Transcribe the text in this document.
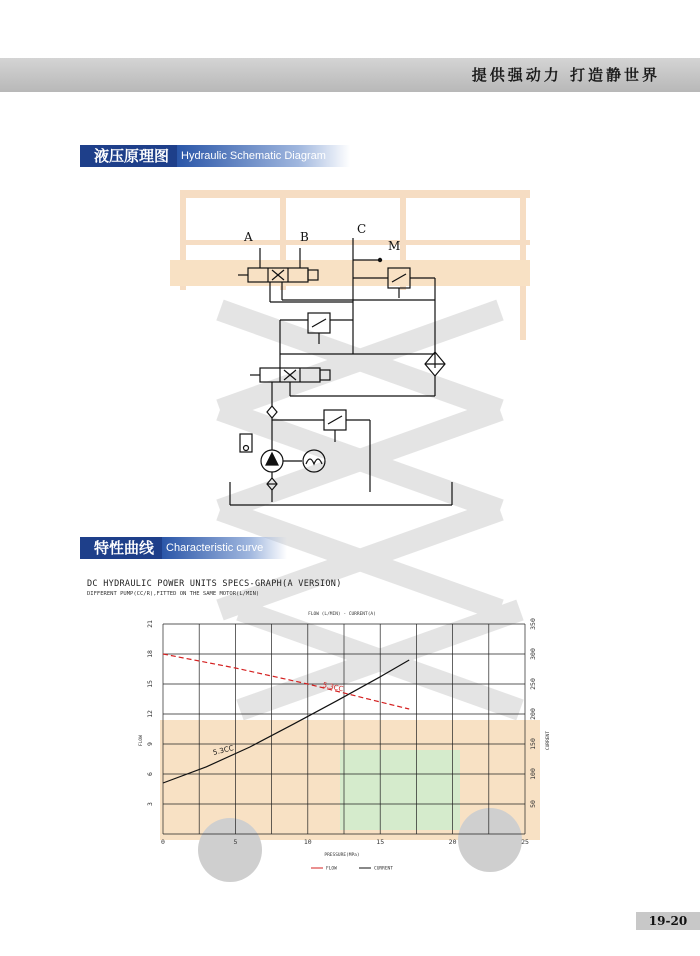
提供强动力 打造静世界
液压原理图	Hydraulic Schematic Diagram
A	B
C
M
特性曲线	Characteristic curve
DC HYDRAULIC POWER UNITS SPECS-GRAPH(A VERSION)
DIFFERENT PUMP(CC/R),FITTED ON THE SAME MOTOR(L/MIN)
0	5	10	15	20	25
3
6
9
12
15
18
21
50
100
150
200
250
300
350
5.3CC
5.3CC
FLOW (L/MIN) - CURRENT(A)
PRESSURE(MPa)
FLOW	CURRENT
FLOW	CURRENT
19-20
